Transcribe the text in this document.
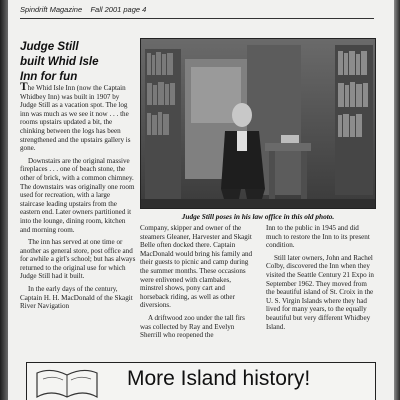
Spindrift Magazine    Fall 2001 page 4
Judge Still
built Whid Isle
Inn for fun

The Whid Isle Inn (now the Captain Whidbey Inn) was built in 1907 by Judge Still as a vacation spot. The log inn was much as we see it now . . . the rooms upstairs updated a bit, the chinking between the logs has been strengthened and the upstairs gallery is gone.

Downstairs are the original massive fireplaces . . . one of beach stone, the other of brick, with a common chimney. The downstairs was originally one room used for recreation, with a large staircase leading upstairs from the eastern end. Later owners partitioned it into the lounge, dining room, kitchen and morning room.

The inn has served at one time or another as general store, post office and for awhile a girl's school; but has always returned to the original use for which Judge Still had it built.

In the early days of the century, Captain H. H. MacDonald of the Skagit River Navigation

Judge Still poses in his law office in this old photo.

Company, skipper and owner of the steamers Gleaner, Harvester and Skagit Belle often docked there. Captain MacDonald would bring his family and their guests to picnic and camp during the summer months. These occasions were enlivened with clambakes, minstrel shows, pony cart and horseback riding, as well as other diversions.

A driftwood zoo under the tall firs was collected by Ray and Evelyn Sherrill who reopened the

Inn to the public in 1945 and did much to restore the Inn to its present condition.

Still later owners, John and Rachel Colby, discovered the Inn when they visited the Seattle Century 21 Expo in September 1962. They moved from the beautiful island of St. Croix in the U. S. Virgin Islands where they had lived for many years, to the equally beautiful but very different Whidbey Island.

More Island history!
